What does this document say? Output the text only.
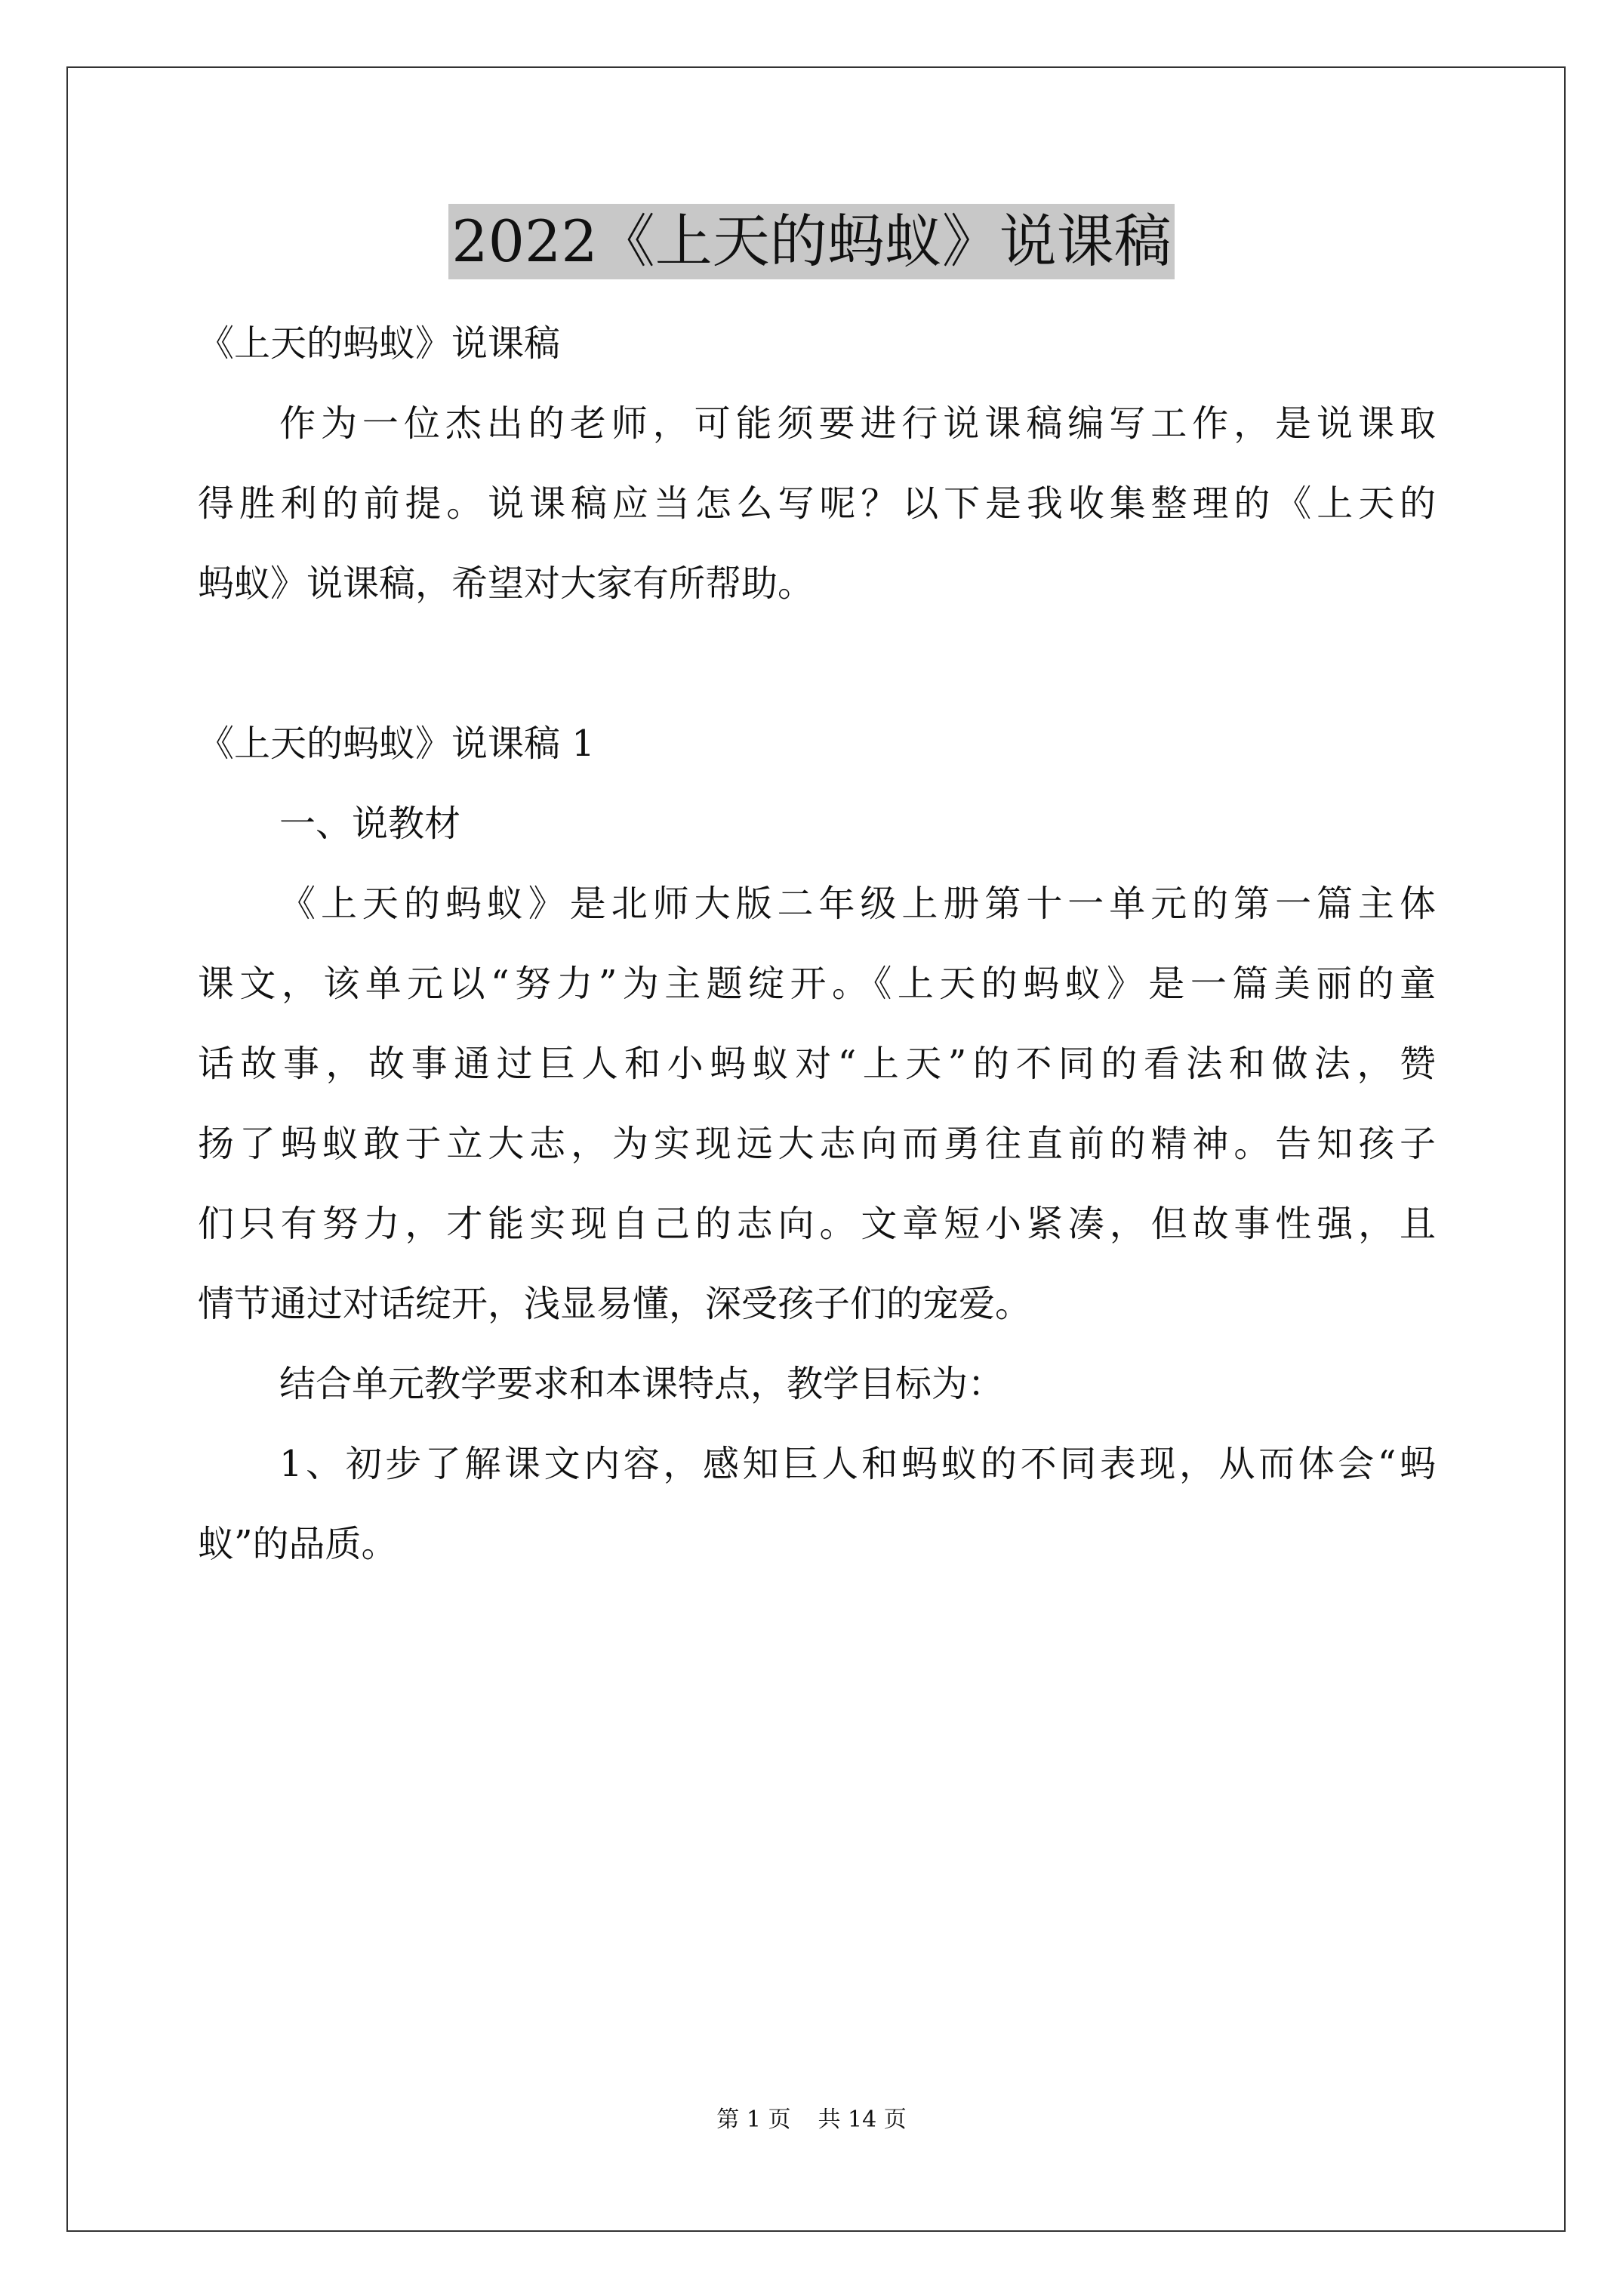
2022《上天的蚂蚁》说课稿
《上天的蚂蚁》说课稿
作为一位杰出的老师，可能须要进行说课稿编写工作，是说课取
得胜利的前提。说课稿应当怎么写呢？以下是我收集整理的《上天的
蚂蚁》说课稿，希望对大家有所帮助。
《上天的蚂蚁》说课稿 1
一、说教材
《上天的蚂蚁》是北师大版二年级上册第十一单元的第一篇主体
课文，该单元以“努力”为主题绽开。《上天的蚂蚁》是一篇美丽的童
话故事，故事通过巨人和小蚂蚁对“上天”的不同的看法和做法，赞
扬了蚂蚁敢于立大志，为实现远大志向而勇往直前的精神。告知孩子
们只有努力，才能实现自己的志向。文章短小紧凑，但故事性强，且
情节通过对话绽开，浅显易懂，深受孩子们的宠爱。
结合单元教学要求和本课特点，教学目标为：
1、初步了解课文内容，感知巨人和蚂蚁的不同表现，从而体会“蚂
蚁”的品质。
第 1 页 共 14 页
